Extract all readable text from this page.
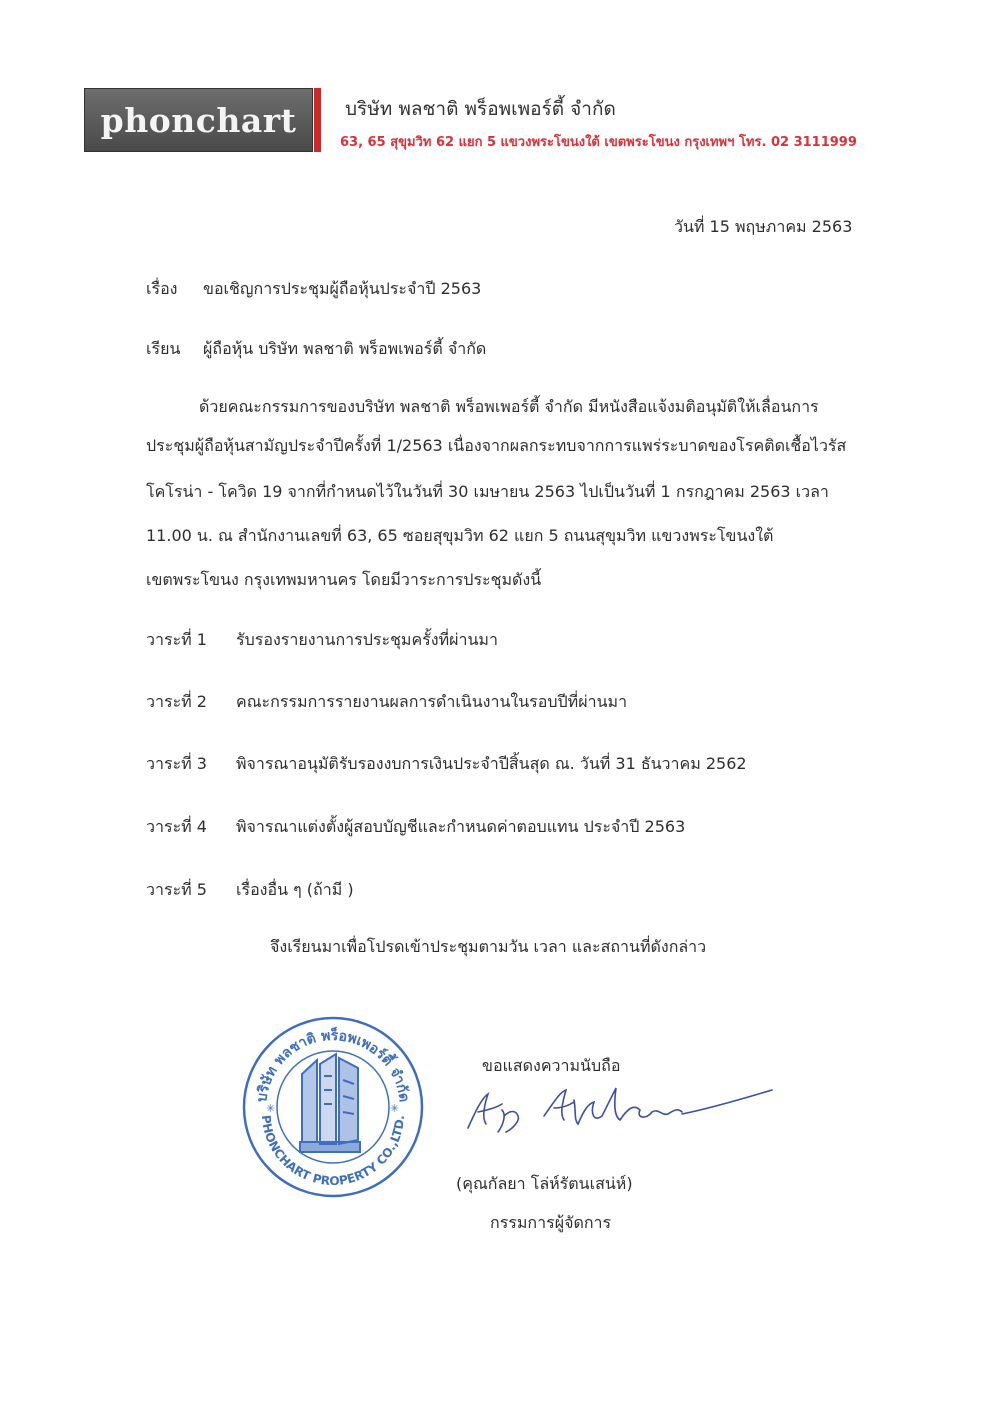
phonchart	บริษัท พลชาติ พร็อพเพอร์ตี้ จำกัด
63, 65 สุขุมวิท 62 แยก 5 แขวงพระโขนงใต้ เขตพระโขนง กรุงเทพฯ โทร. 02 3111999
วันที่ 15 พฤษภาคม 2563
เรื่อง ขอเชิญการประชุมผู้ถือหุ้นประจำปี 2563
เรียน ผู้ถือหุ้น บริษัท พลชาติ พร็อพเพอร์ตี้ จำกัด
ด้วยคณะกรรมการของบริษัท พลชาติ พร็อพเพอร์ตี้ จำกัด มีหนังสือแจ้งมติอนุมัติให้เลื่อนการ
ประชุมผู้ถือหุ้นสามัญประจำปีครั้งที่ 1/2563 เนื่องจากผลกระทบจากการแพร่ระบาดของโรคติดเชื้อไวรัส
โคโรน่า - โควิด 19 จากที่กำหนดไว้ในวันที่ 30 เมษายน 2563 ไปเป็นวันที่ 1 กรกฎาคม 2563 เวลา
11.00 น. ณ สำนักงานเลขที่ 63, 65 ซอยสุขุมวิท 62 แยก 5 ถนนสุขุมวิท แขวงพระโขนงใต้
เขตพระโขนง กรุงเทพมหานคร โดยมีวาระการประชุมดังนี้
วาระที่ 1 รับรองรายงานการประชุมครั้งที่ผ่านมา
วาระที่ 2 คณะกรรมการรายงานผลการดำเนินงานในรอบปีที่ผ่านมา
วาระที่ 3 พิจารณาอนุมัติรับรองงบการเงินประจำปีสิ้นสุด ณ. วันที่ 31 ธันวาคม 2562
วาระที่ 4 พิจารณาแต่งตั้งผู้สอบบัญชีและกำหนดค่าตอบแทน ประจำปี 2563
วาระที่ 5 เรื่องอื่น ๆ (ถ้ามี )
จึงเรียนมาเพื่อโปรดเข้าประชุมตามวัน เวลา และสถานที่ดังกล่าว
ขอแสดงความนับถือ
บริษัท พลชาติ พร็อพเพอร์ตี้ จำกัด
PHONCHART PROPERTY CO.,LTD.
✳	✳
(คุณกัลยา โล่ห์รัตนเสน่ห์)
กรรมการผู้จัดการ
